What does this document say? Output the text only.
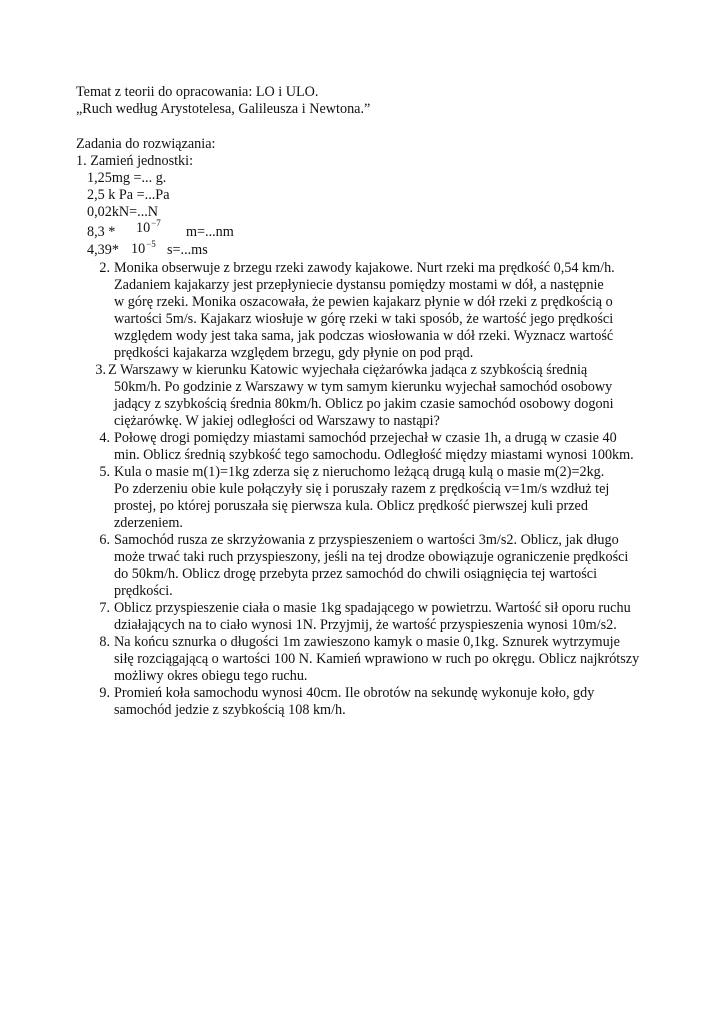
Temat z teorii do opracowania: LO i ULO.
„Ruch według Arystotelesa, Galileusza i Newtona.”
Zadania do rozwiązania:
1. Zamień jednostki:
1,25mg =... g.
2,5 k Pa =...Pa
0,02kN=...N
$8,3 * 10^{-7}$
m=...nm
4,39* $10^{-5}$ s=...ms
2. Monika obserwuje z brzegu rzeki zawody kajakowe. Nurt rzeki ma prędkość 0,54 km/h.
Zadaniem kajakarzy jest przepłyniecie dystansu pomiędzy mostami w dół, a następnie
w górę rzeki. Monika oszacowała, że pewien kajakarz płynie w dół rzeki z prędkością o
wartości 5m/s. Kajakarz wiosłuje w górę rzeki w taki sposób, że wartość jego prędkości
względem wody jest taka sama, jak podczas wiosłowania w dół rzeki. Wyznacz wartość
prędkości kajakarza względem brzegu, gdy płynie on pod prąd.
3. Z Warszawy w kierunku Katowic wyjechała ciężarówka jadąca z szybkością średnią
50km/h. Po godzinie z Warszawy w tym samym kierunku wyjechał samochód osobowy
jadący z szybkością średnia 80km/h. Oblicz po jakim czasie samochód osobowy dogoni
ciężarówkę. W jakiej odległości od Warszawy to nastąpi?
4. Połowę drogi pomiędzy miastami samochód przejechał w czasie 1h, a drugą w czasie 40
min. Oblicz średnią szybkość tego samochodu. Odległość między miastami wynosi 100km.
5. Kula o masie m(1)=1kg zderza się z nieruchomo leżącą drugą kulą o masie m(2)=2kg.
Po zderzeniu obie kule połączyły się i poruszały razem z prędkością v=1m/s wzdłuż tej
prostej, po której poruszała się pierwsza kula. Oblicz prędkość pierwszej kuli przed
zderzeniem.
6. Samochód rusza ze skrzyżowania z przyspieszeniem o wartości 3m/s2. Oblicz, jak długo
może trwać taki ruch przyspieszony, jeśli na tej drodze obowiązuje ograniczenie prędkości
do 50km/h. Oblicz drogę przebyta przez samochód do chwili osiągnięcia tej wartości
prędkości.
7. Oblicz przyspieszenie ciała o masie 1kg spadającego w powietrzu. Wartość sił oporu ruchu
działających na to ciało wynosi 1N. Przyjmij, że wartość przyspieszenia wynosi 10m/s2.
8. Na końcu sznurka o długości 1m zawieszono kamyk o masie 0,1kg. Sznurek wytrzymuje
siłę rozciągającą o wartości 100 N. Kamień wprawiono w ruch po okręgu. Oblicz najkrótszy
możliwy okres obiegu tego ruchu.
9. Promień koła samochodu wynosi 40cm. Ile obrotów na sekundę wykonuje koło, gdy
samochód jedzie z szybkością 108 km/h.
